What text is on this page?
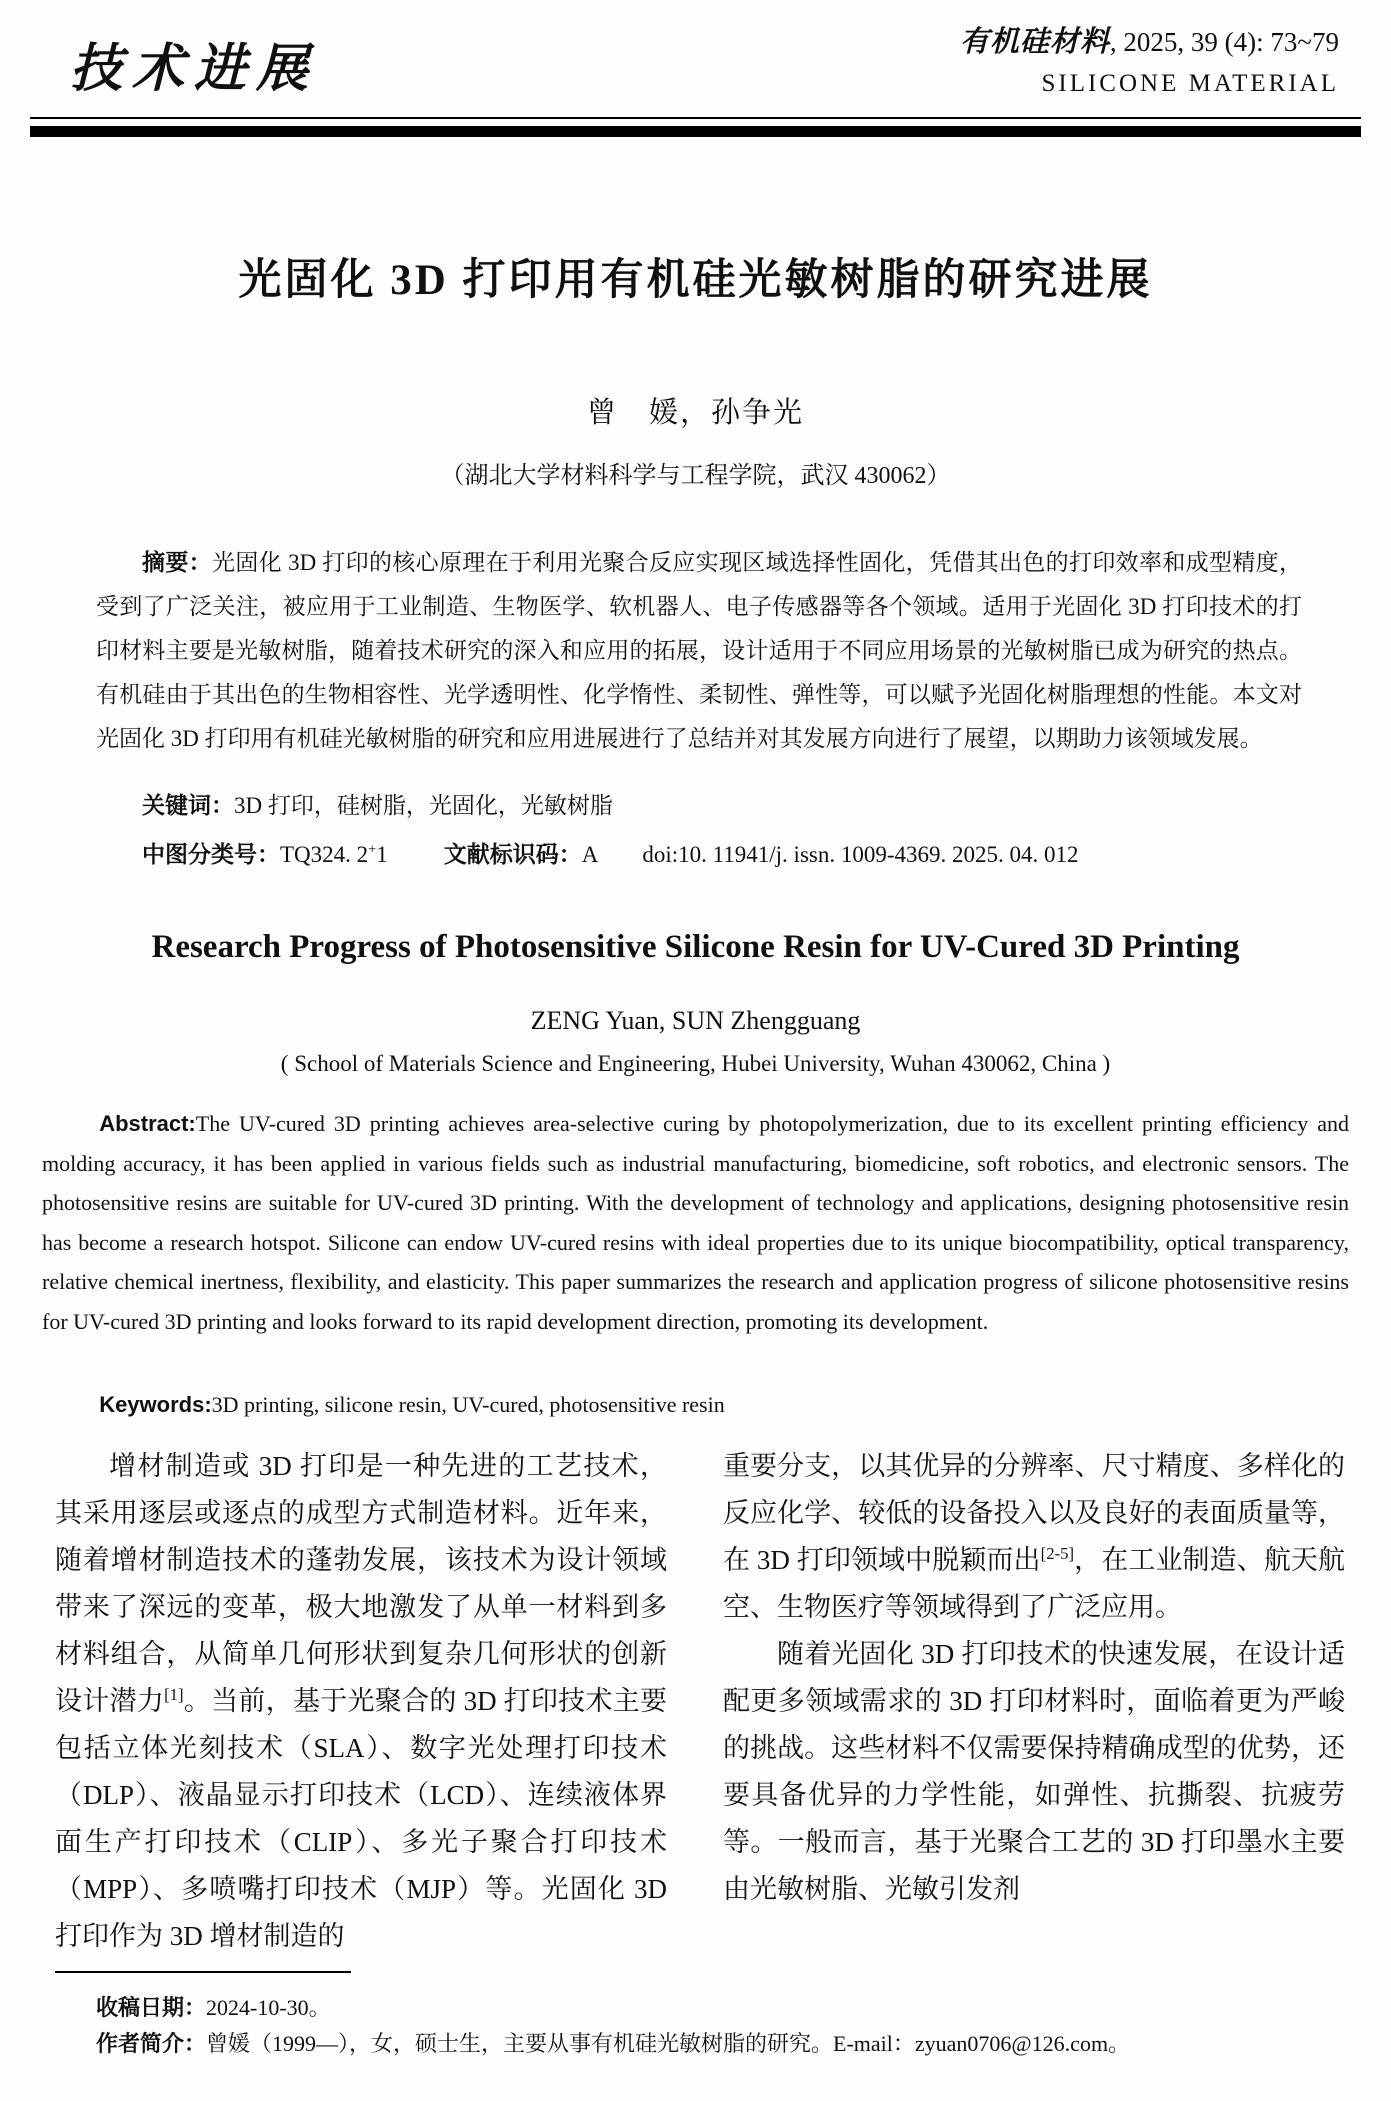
技术进展	有机硅材料, 2025, 39 (4): 73~79
SILICONE MATERIAL
光固化 3D 打印用有机硅光敏树脂的研究进展
曾　媛，孙争光
（湖北大学材料科学与工程学院，武汉 430062）
摘要：光固化 3D 打印的核心原理在于利用光聚合反应实现区域选择性固化，凭借其出色的打印效率和成型精度，受到了广泛关注，被应用于工业制造、生物医学、软机器人、电子传感器等各个领域。适用于光固化 3D 打印技术的打印材料主要是光敏树脂，随着技术研究的深入和应用的拓展，设计适用于不同应用场景的光敏树脂已成为研究的热点。有机硅由于其出色的生物相容性、光学透明性、化学惰性、柔韧性、弹性等，可以赋予光固化树脂理想的性能。本文对光固化 3D 打印用有机硅光敏树脂的研究和应用进展进行了总结并对其发展方向进行了展望，以期助力该领域发展。
关键词：3D 打印，硅树脂，光固化，光敏树脂
中图分类号：TQ324. 2+1 文献标识码：A doi:10. 11941/j. issn. 1009-4369. 2025. 04. 012
Research Progress of Photosensitive Silicone Resin for UV-Cured 3D Printing
ZENG Yuan, SUN Zhengguang
( School of Materials Science and Engineering, Hubei University, Wuhan 430062, China )
Abstract:The UV-cured 3D printing achieves area-selective curing by photopolymerization, due to its excellent printing efficiency and molding accuracy, it has been applied in various fields such as industrial manufacturing, biomedicine, soft robotics, and electronic sensors. The photosensitive resins are suitable for UV-cured 3D printing. With the development of technology and applications, designing photosensitive resin has become a research hotspot. Silicone can endow UV-cured resins with ideal properties due to its unique biocompatibility, optical transparency, relative chemical inertness, flexibility, and elasticity. This paper summarizes the research and application progress of silicone photosensitive resins for UV-cured 3D printing and looks forward to its rapid development direction, promoting its development.
Keywords:3D printing, silicone resin, UV-cured, photosensitive resin

增材制造或 3D 打印是一种先进的工艺技术，其采用逐层或逐点的成型方式制造材料。近年来，随着增材制造技术的蓬勃发展，该技术为设计领域带来了深远的变革，极大地激发了从单一材料到多材料组合，从简单几何形状到复杂几何形状的创新设计潜力[1]。当前，基于光聚合的 3D 打印技术主要包括立体光刻技术（SLA）、数字光处理打印技术（DLP）、液晶显示打印技术（LCD）、连续液体界面生产打印技术（CLIP）、多光子聚合打印技术（MPP）、多喷嘴打印技术（MJP）等。光固化 3D 打印作为 3D 增材制造的

重要分支，以其优异的分辨率、尺寸精度、多样化的反应化学、较低的设备投入以及良好的表面质量等，在 3D 打印领域中脱颖而出[2-5]，在工业制造、航天航空、生物医疗等领域得到了广泛应用。

随着光固化 3D 打印技术的快速发展，在设计适配更多领域需求的 3D 打印材料时，面临着更为严峻的挑战。这些材料不仅需要保持精确成型的优势，还要具备优异的力学性能，如弹性、抗撕裂、抗疲劳等。一般而言，基于光聚合工艺的 3D 打印墨水主要由光敏树脂、光敏引发剂

收稿日期：2024-10-30。
作者简介：曾媛（1999—），女，硕士生，主要从事有机硅光敏树脂的研究。E-mail：zyuan0706@126.com。
